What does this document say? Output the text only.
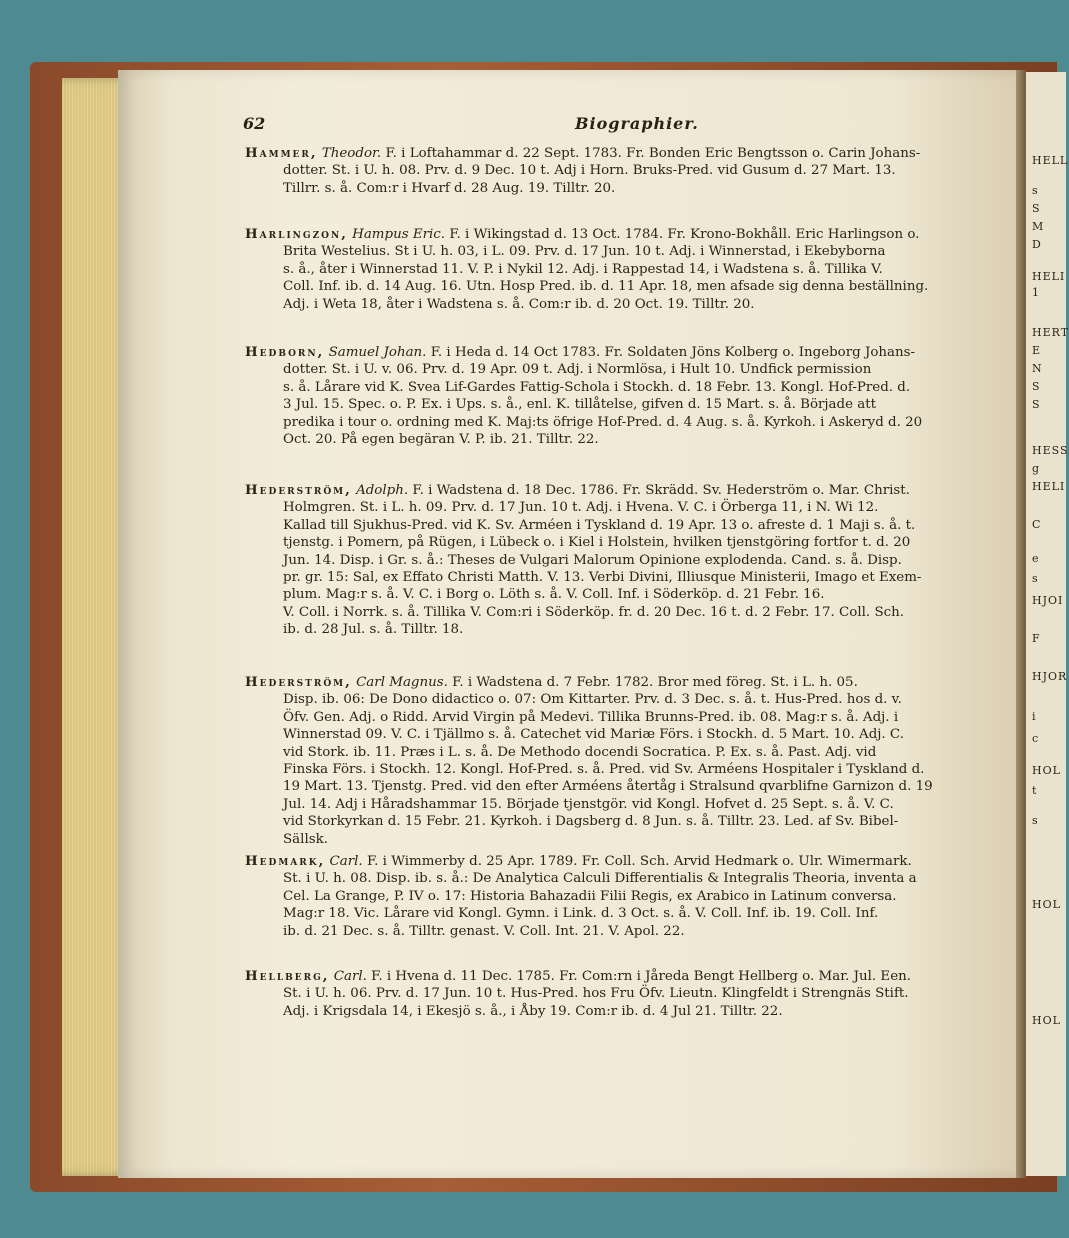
HELL
s
S
M
D
HELI
1
HERT
E
N
S
S
HESS
g
HELI
C
e
s
HJOI
F
HJOR
i
c
HOL
t
s
HOL
HOL
62	Biographier.
Hammer, Theodor. F. i Loftahammar d. 22 Sept. 1783. Fr. Bonden Eric Bengtsson o. Carin Johans-
dotter. St. i U. h. 08. Prv. d. 9 Dec. 10 t. Adj i Horn. Bruks-Pred. vid Gusum d. 27 Mart. 13.
Tillrr. s. å. Com:r i Hvarf d. 28 Aug. 19. Tilltr. 20.
Harlingzon, Hampus Eric. F. i Wikingstad d. 13 Oct. 1784. Fr. Krono-Bokhåll. Eric Harlingson o.
Brita Westelius. St i U. h. 03, i L. 09. Prv. d. 17 Jun. 10 t. Adj. i Winnerstad, i Ekebyborna
s. å., åter i Winnerstad 11. V. P. i Nykil 12. Adj. i Rappestad 14, i Wadstena s. å. Tillika V.
Coll. Inf. ib. d. 14 Aug. 16. Utn. Hosp Pred. ib. d. 11 Apr. 18, men afsade sig denna beställning.
Adj. i Weta 18, åter i Wadstena s. å. Com:r ib. d. 20 Oct. 19. Tilltr. 20.
Hedborn, Samuel Johan. F. i Heda d. 14 Oct 1783. Fr. Soldaten Jöns Kolberg o. Ingeborg Johans-
dotter. St. i U. v. 06. Prv. d. 19 Apr. 09 t. Adj. i Normlösa, i Hult 10. Undfick permission
s. å. Lårare vid K. Svea Lif-Gardes Fattig-Schola i Stockh. d. 18 Febr. 13. Kongl. Hof-Pred. d.
3 Jul. 15. Spec. o. P. Ex. i Ups. s. å., enl. K. tillåtelse, gifven d. 15 Mart. s. å. Började att
predika i tour o. ordning med K. Maj:ts öfrige Hof-Pred. d. 4 Aug. s. å. Kyrkoh. i Askeryd d. 20
Oct. 20. På egen begäran V. P. ib. 21. Tilltr. 22.
Hederström, Adolph. F. i Wadstena d. 18 Dec. 1786. Fr. Skrädd. Sv. Hederström o. Mar. Christ.
Holmgren. St. i L. h. 09. Prv. d. 17 Jun. 10 t. Adj. i Hvena. V. C. i Örberga 11, i N. Wi 12.
Kallad till Sjukhus-Pred. vid K. Sv. Arméen i Tyskland d. 19 Apr. 13 o. afreste d. 1 Maji s. å. t.
tjenstg. i Pomern, på Rügen, i Lübeck o. i Kiel i Holstein, hvilken tjenstgöring fortfor t. d. 20
Jun. 14. Disp. i Gr. s. å.: Theses de Vulgari Malorum Opinione explodenda. Cand. s. å. Disp.
pr. gr. 15: Sal, ex Effato Christi Matth. V. 13. Verbi Divini, Illiusque Ministerii, Imago et Exem-
plum. Mag:r s. å. V. C. i Borg o. Löth s. å. V. Coll. Inf. i Söderköp. d. 21 Febr. 16.
V. Coll. i Norrk. s. å. Tillika V. Com:ri i Söderköp. fr. d. 20 Dec. 16 t. d. 2 Febr. 17. Coll. Sch.
ib. d. 28 Jul. s. å. Tilltr. 18.
Hederström, Carl Magnus. F. i Wadstena d. 7 Febr. 1782. Bror med föreg. St. i L. h. 05.
Disp. ib. 06: De Dono didactico o. 07: Om Kittarter. Prv. d. 3 Dec. s. å. t. Hus-Pred. hos d. v.
Öfv. Gen. Adj. o Ridd. Arvid Virgin på Medevi. Tillika Brunns-Pred. ib. 08. Mag:r s. å. Adj. i
Winnerstad 09. V. C. i Tjällmo s. å. Catechet vid Mariæ Förs. i Stockh. d. 5 Mart. 10. Adj. C.
vid Stork. ib. 11. Præs i L. s. å. De Methodo docendi Socratica. P. Ex. s. å. Past. Adj. vid
Finska Förs. i Stockh. 12. Kongl. Hof-Pred. s. å. Pred. vid Sv. Arméens Hospitaler i Tyskland d.
19 Mart. 13. Tjenstg. Pred. vid den efter Arméens återtåg i Stralsund qvarblifne Garnizon d. 19
Jul. 14. Adj i Håradshammar 15. Började tjenstgör. vid Kongl. Hofvet d. 25 Sept. s. å. V. C.
vid Storkyrkan d. 15 Febr. 21. Kyrkoh. i Dagsberg d. 8 Jun. s. å. Tilltr. 23. Led. af Sv. Bibel-
Sällsk.
Hedmark, Carl. F. i Wimmerby d. 25 Apr. 1789. Fr. Coll. Sch. Arvid Hedmark o. Ulr. Wimermark.
St. i U. h. 08. Disp. ib. s. å.: De Analytica Calculi Differentialis & Integralis Theoria, inventa a
Cel. La Grange, P. IV o. 17: Historia Bahazadii Filii Regis, ex Arabico in Latinum conversa.
Mag:r 18. Vic. Lårare vid Kongl. Gymn. i Link. d. 3 Oct. s. å. V. Coll. Inf. ib. 19. Coll. Inf.
ib. d. 21 Dec. s. å. Tilltr. genast. V. Coll. Int. 21. V. Apol. 22.
Hellberg, Carl. F. i Hvena d. 11 Dec. 1785. Fr. Com:rn i Jåreda Bengt Hellberg o. Mar. Jul. Een.
St. i U. h. 06. Prv. d. 17 Jun. 10 t. Hus-Pred. hos Fru Öfv. Lieutn. Klingfeldt i Strengnäs Stift.
Adj. i Krigsdala 14, i Ekesjö s. å., i Åby 19. Com:r ib. d. 4 Jul 21. Tilltr. 22.
